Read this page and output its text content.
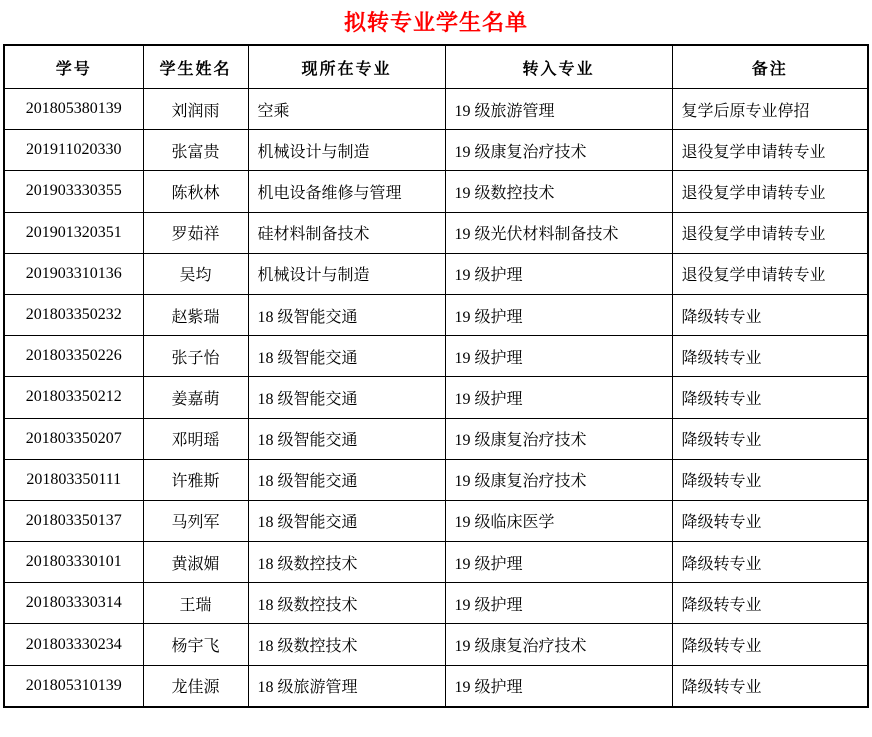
拟转专业学生名单
学号	学生姓名	现所在专业	转入专业	备注
201805380139	刘润雨	空乘	19 级旅游管理	复学后原专业停招
201911020330	张富贵	机械设计与制造	19 级康复治疗技术	退役复学申请转专业
201903330355	陈秋林	机电设备维修与管理	19 级数控技术	退役复学申请转专业
201901320351	罗茹祥	硅材料制备技术	19 级光伏材料制备技术	退役复学申请转专业
201903310136	吴均	机械设计与制造	19 级护理	退役复学申请转专业
201803350232	赵紫瑞	18 级智能交通	19 级护理	降级转专业
201803350226	张子怡	18 级智能交通	19 级护理	降级转专业
201803350212	姜嘉萌	18 级智能交通	19 级护理	降级转专业
201803350207	邓明瑶	18 级智能交通	19 级康复治疗技术	降级转专业
201803350111	许雅斯	18 级智能交通	19 级康复治疗技术	降级转专业
201803350137	马列军	18 级智能交通	19 级临床医学	降级转专业
201803330101	黄淑媚	18 级数控技术	19 级护理	降级转专业
201803330314	王瑞	18 级数控技术	19 级护理	降级转专业
201803330234	杨宇飞	18 级数控技术	19 级康复治疗技术	降级转专业
201805310139	龙佳源	18 级旅游管理	19 级护理	降级转专业
